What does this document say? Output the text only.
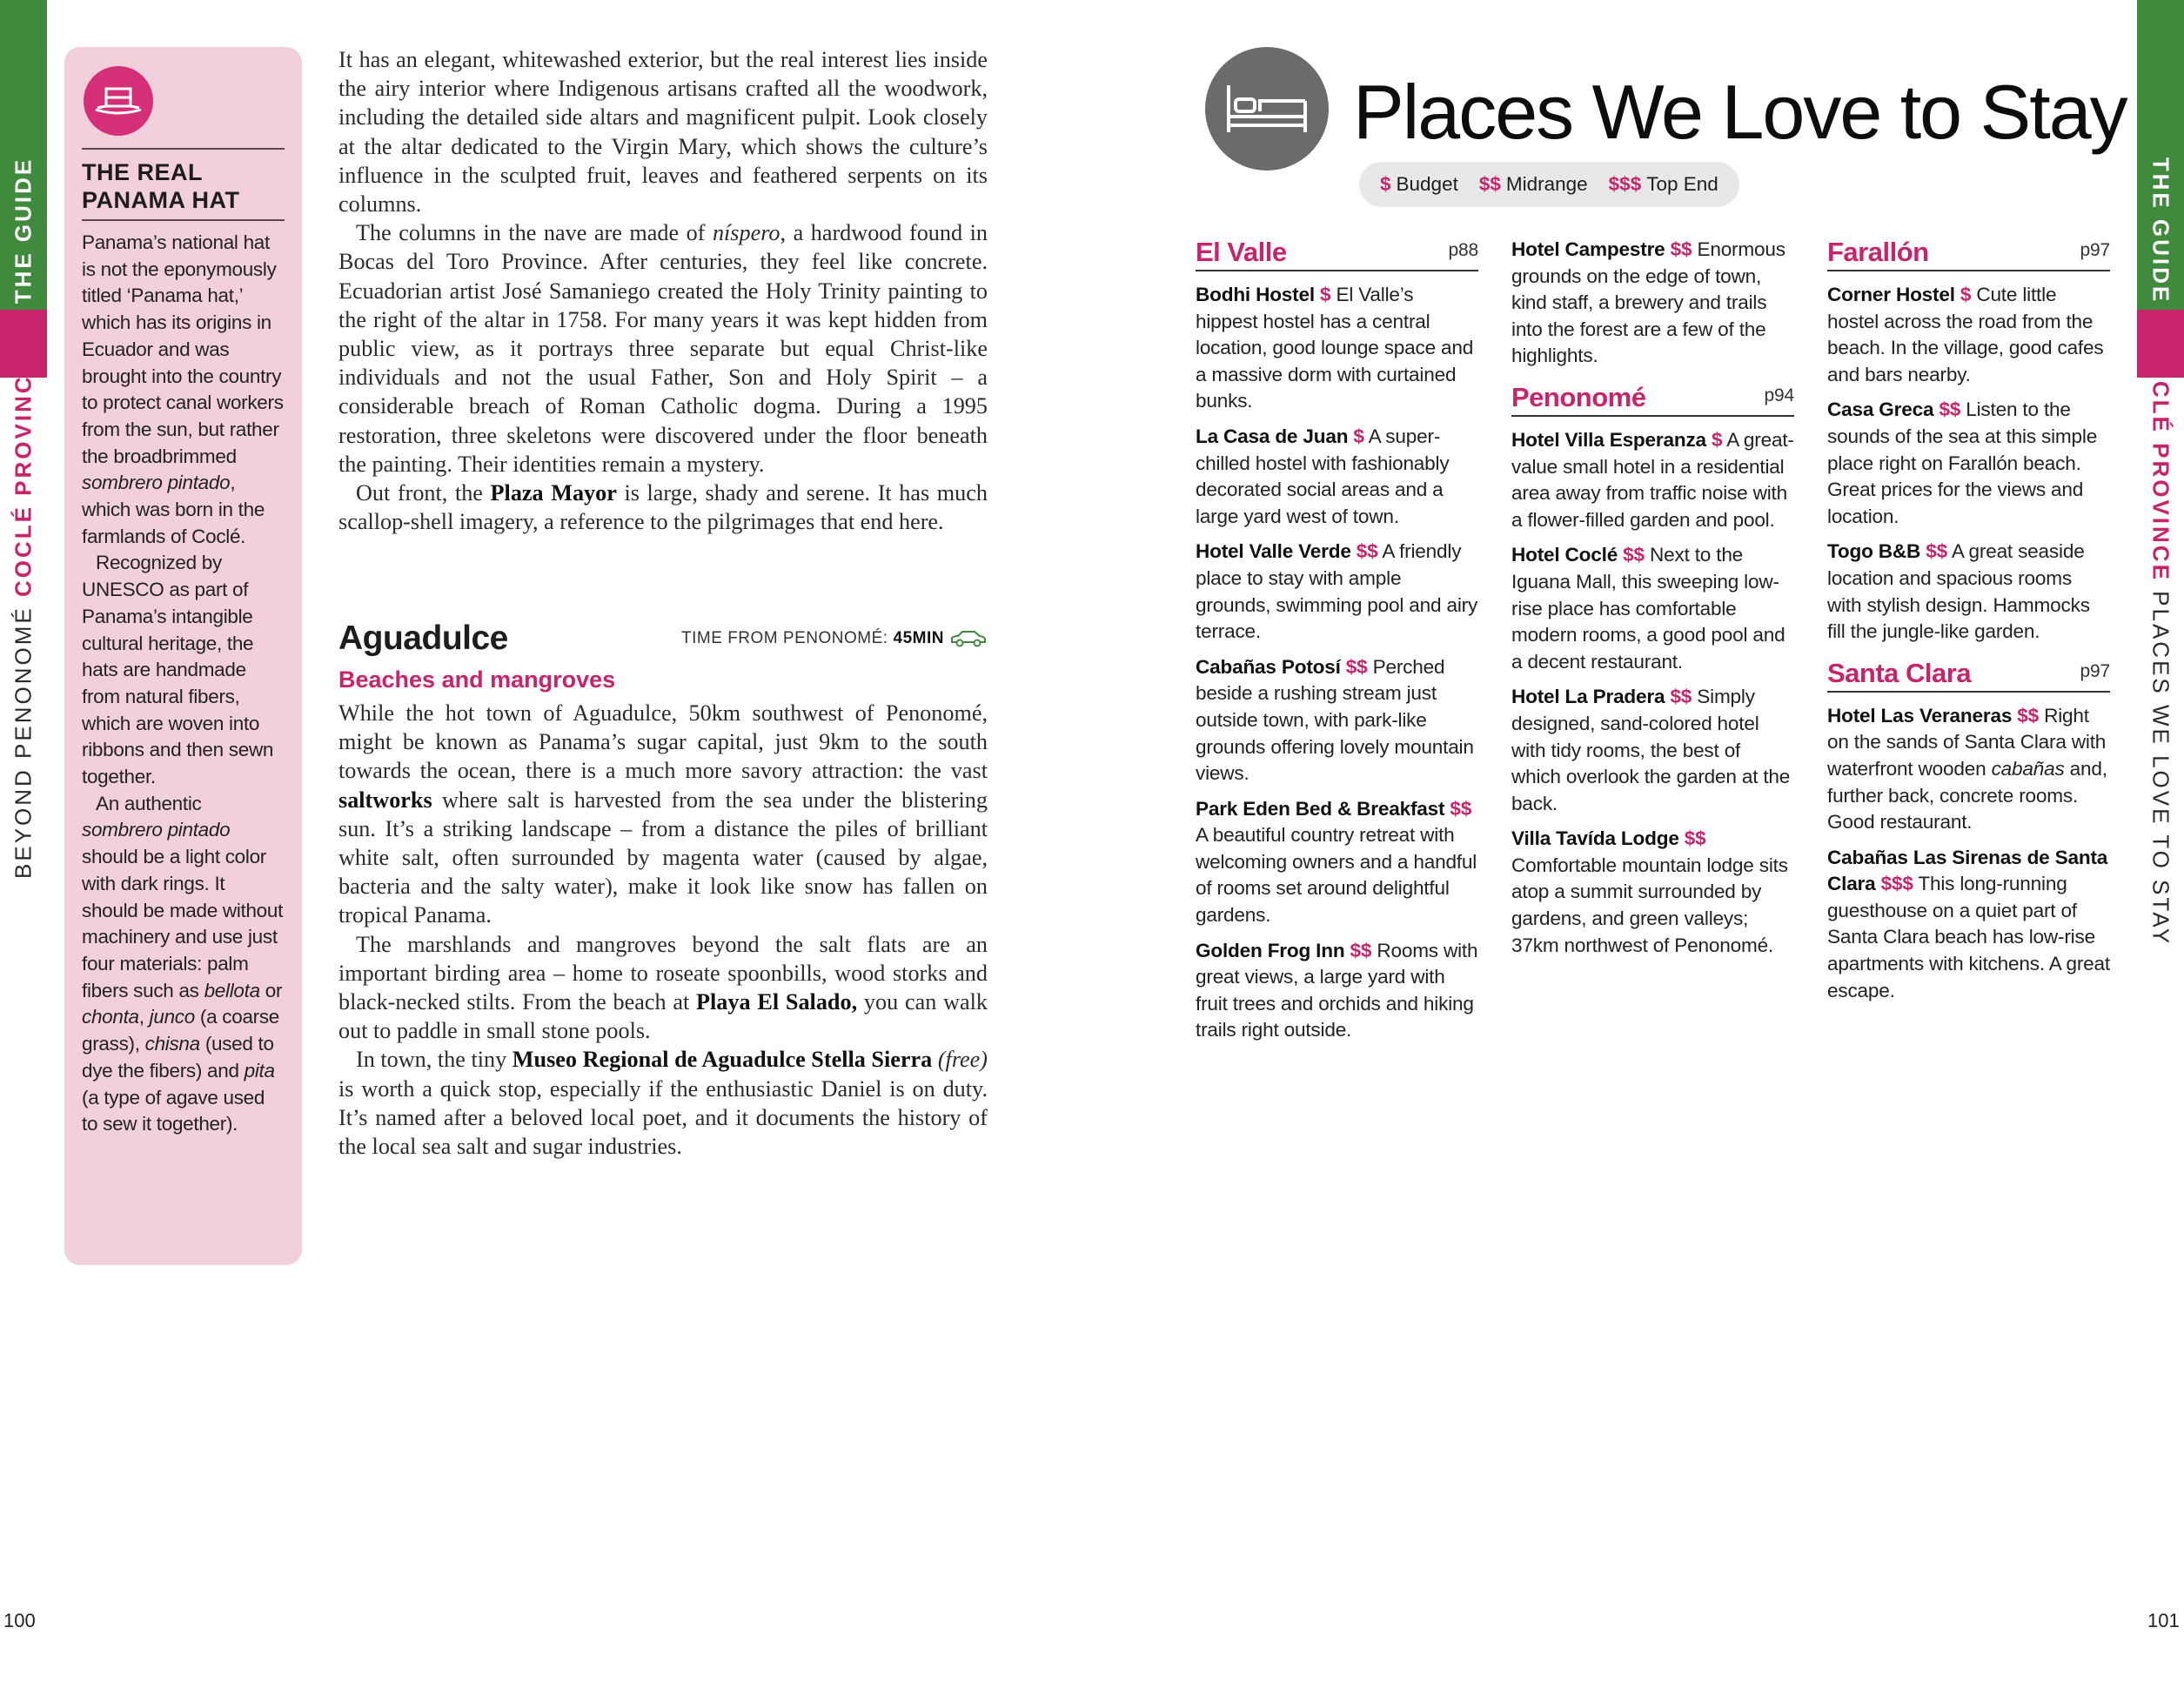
THE GUIDE
BEYOND PENONOMÉ COCLÉ PROVINCE
THE GUIDE
COCLÉ PROVINCE PLACES WE LOVE TO STAY
THE REAL
PANAMA HAT

Panama’s national hat is not the eponymously titled ‘Panama hat,’ which has its origins in Ecuador and was brought into the country to protect canal workers from the sun, but rather the broadbrimmed sombrero pintado, which was born in the farmlands of Coclé.

Recognized by UNESCO as part of Panama’s intangible cultural heritage, the hats are handmade from natural fibers, which are woven into ribbons and then sewn together.

An authentic sombrero pintado should be a light color with dark rings. It should be made without machinery and use just four materials: palm fibers such as bellota or chonta, junco (a coarse grass), chisna (used to dye the fibers) and pita (a type of agave used to sew it together).

It has an elegant, whitewashed exterior, but the real interest lies inside the airy interior where Indigenous artisans crafted all the woodwork, including the detailed side altars and magnificent pulpit. Look closely at the altar dedicated to the Virgin Mary, which shows the culture’s influence in the sculpted fruit, leaves and feathered serpents on its columns.

The columns in the nave are made of níspero, a hardwood found in Bocas del Toro Province. After centuries, they feel like concrete. Ecuadorian artist José Samaniego created the Holy Trinity painting to the right of the altar in 1758. For many years it was kept hidden from public view, as it portrays three separate but equal Christ-like individuals and not the usual Father, Son and Holy Spirit – a considerable breach of Roman Catholic dogma. During a 1995 restoration, three skeletons were discovered under the floor beneath the painting. Their identities remain a mystery.

Out front, the Plaza Mayor is large, shady and serene. It has much scallop-shell imagery, a reference to the pilgrimages that end here.

Aguadulce	TIME FROM PENONOMÉ: 45MIN
Beaches and mangroves

While the hot town of Aguadulce, 50km southwest of Penonomé, might be known as Panama’s sugar capital, just 9km to the south towards the ocean, there is a much more savory attraction: the vast saltworks where salt is harvested from the sea under the blistering sun. It’s a striking landscape – from a distance the piles of brilliant white salt, often surrounded by magenta water (caused by algae, bacteria and the salty water), make it look like snow has fallen on tropical Panama.

The marshlands and mangroves beyond the salt flats are an important birding area – home to roseate spoonbills, wood storks and black-necked stilts. From the beach at Playa El Salado, you can walk out to paddle in small stone pools.

In town, the tiny Museo Regional de Aguadulce Stella Sierra (free) is worth a quick stop, especially if the enthusiastic Daniel is on duty. It’s named after a beloved local poet, and it documents the history of the local sea salt and sugar industries.

Places We Love to Stay
$ Budget $$ Midrange $$$ Top End
El Valle	p88
Bodhi Hostel $ El Valle’s hippest hostel has a central location, good lounge space and a massive dorm with curtained bunks.
La Casa de Juan $ A super-chilled hostel with fashionably decorated social areas and a large yard west of town.
Hotel Valle Verde $$ A friendly place to stay with ample grounds, swimming pool and airy terrace.
Cabañas Potosí $$ Perched beside a rushing stream just outside town, with park-like grounds offering lovely mountain views.
Park Eden Bed & Breakfast $$ A beautiful country retreat with welcoming owners and a handful of rooms set around delightful gardens.
Golden Frog Inn $$ Rooms with great views, a large yard with fruit trees and orchids and hiking trails right outside.
Hotel Campestre $$ Enormous grounds on the edge of town, kind staff, a brewery and trails into the forest are a few of the highlights.
Penonomé	p94
Hotel Villa Esperanza $ A great-value small hotel in a residential area away from traffic noise with a flower-filled garden and pool.
Hotel Coclé $$ Next to the Iguana Mall, this sweeping low-rise place has comfortable modern rooms, a good pool and a decent restaurant.
Hotel La Pradera $$ Simply designed, sand-colored hotel with tidy rooms, the best of which overlook the garden at the back.
Villa Tavída Lodge $$ Comfortable mountain lodge sits atop a summit surrounded by gardens, and green valleys; 37km northwest of Penonomé.
Farallón	p97
Corner Hostel $ Cute little hostel across the road from the beach. In the village, good cafes and bars nearby.
Casa Greca $$ Listen to the sounds of the sea at this simple place right on Farallón beach. Great prices for the views and location.
Togo B&B $$ A great seaside location and spacious rooms with stylish design. Hammocks fill the jungle-like garden.
Santa Clara	p97
Hotel Las Veraneras $$ Right on the sands of Santa Clara with waterfront wooden cabañas and, further back, concrete rooms. Good restaurant.
Cabañas Las Sirenas de Santa Clara $$$ This long-running guesthouse on a quiet part of Santa Clara beach has low-rise apartments with kitchens. A great escape.
100	101
